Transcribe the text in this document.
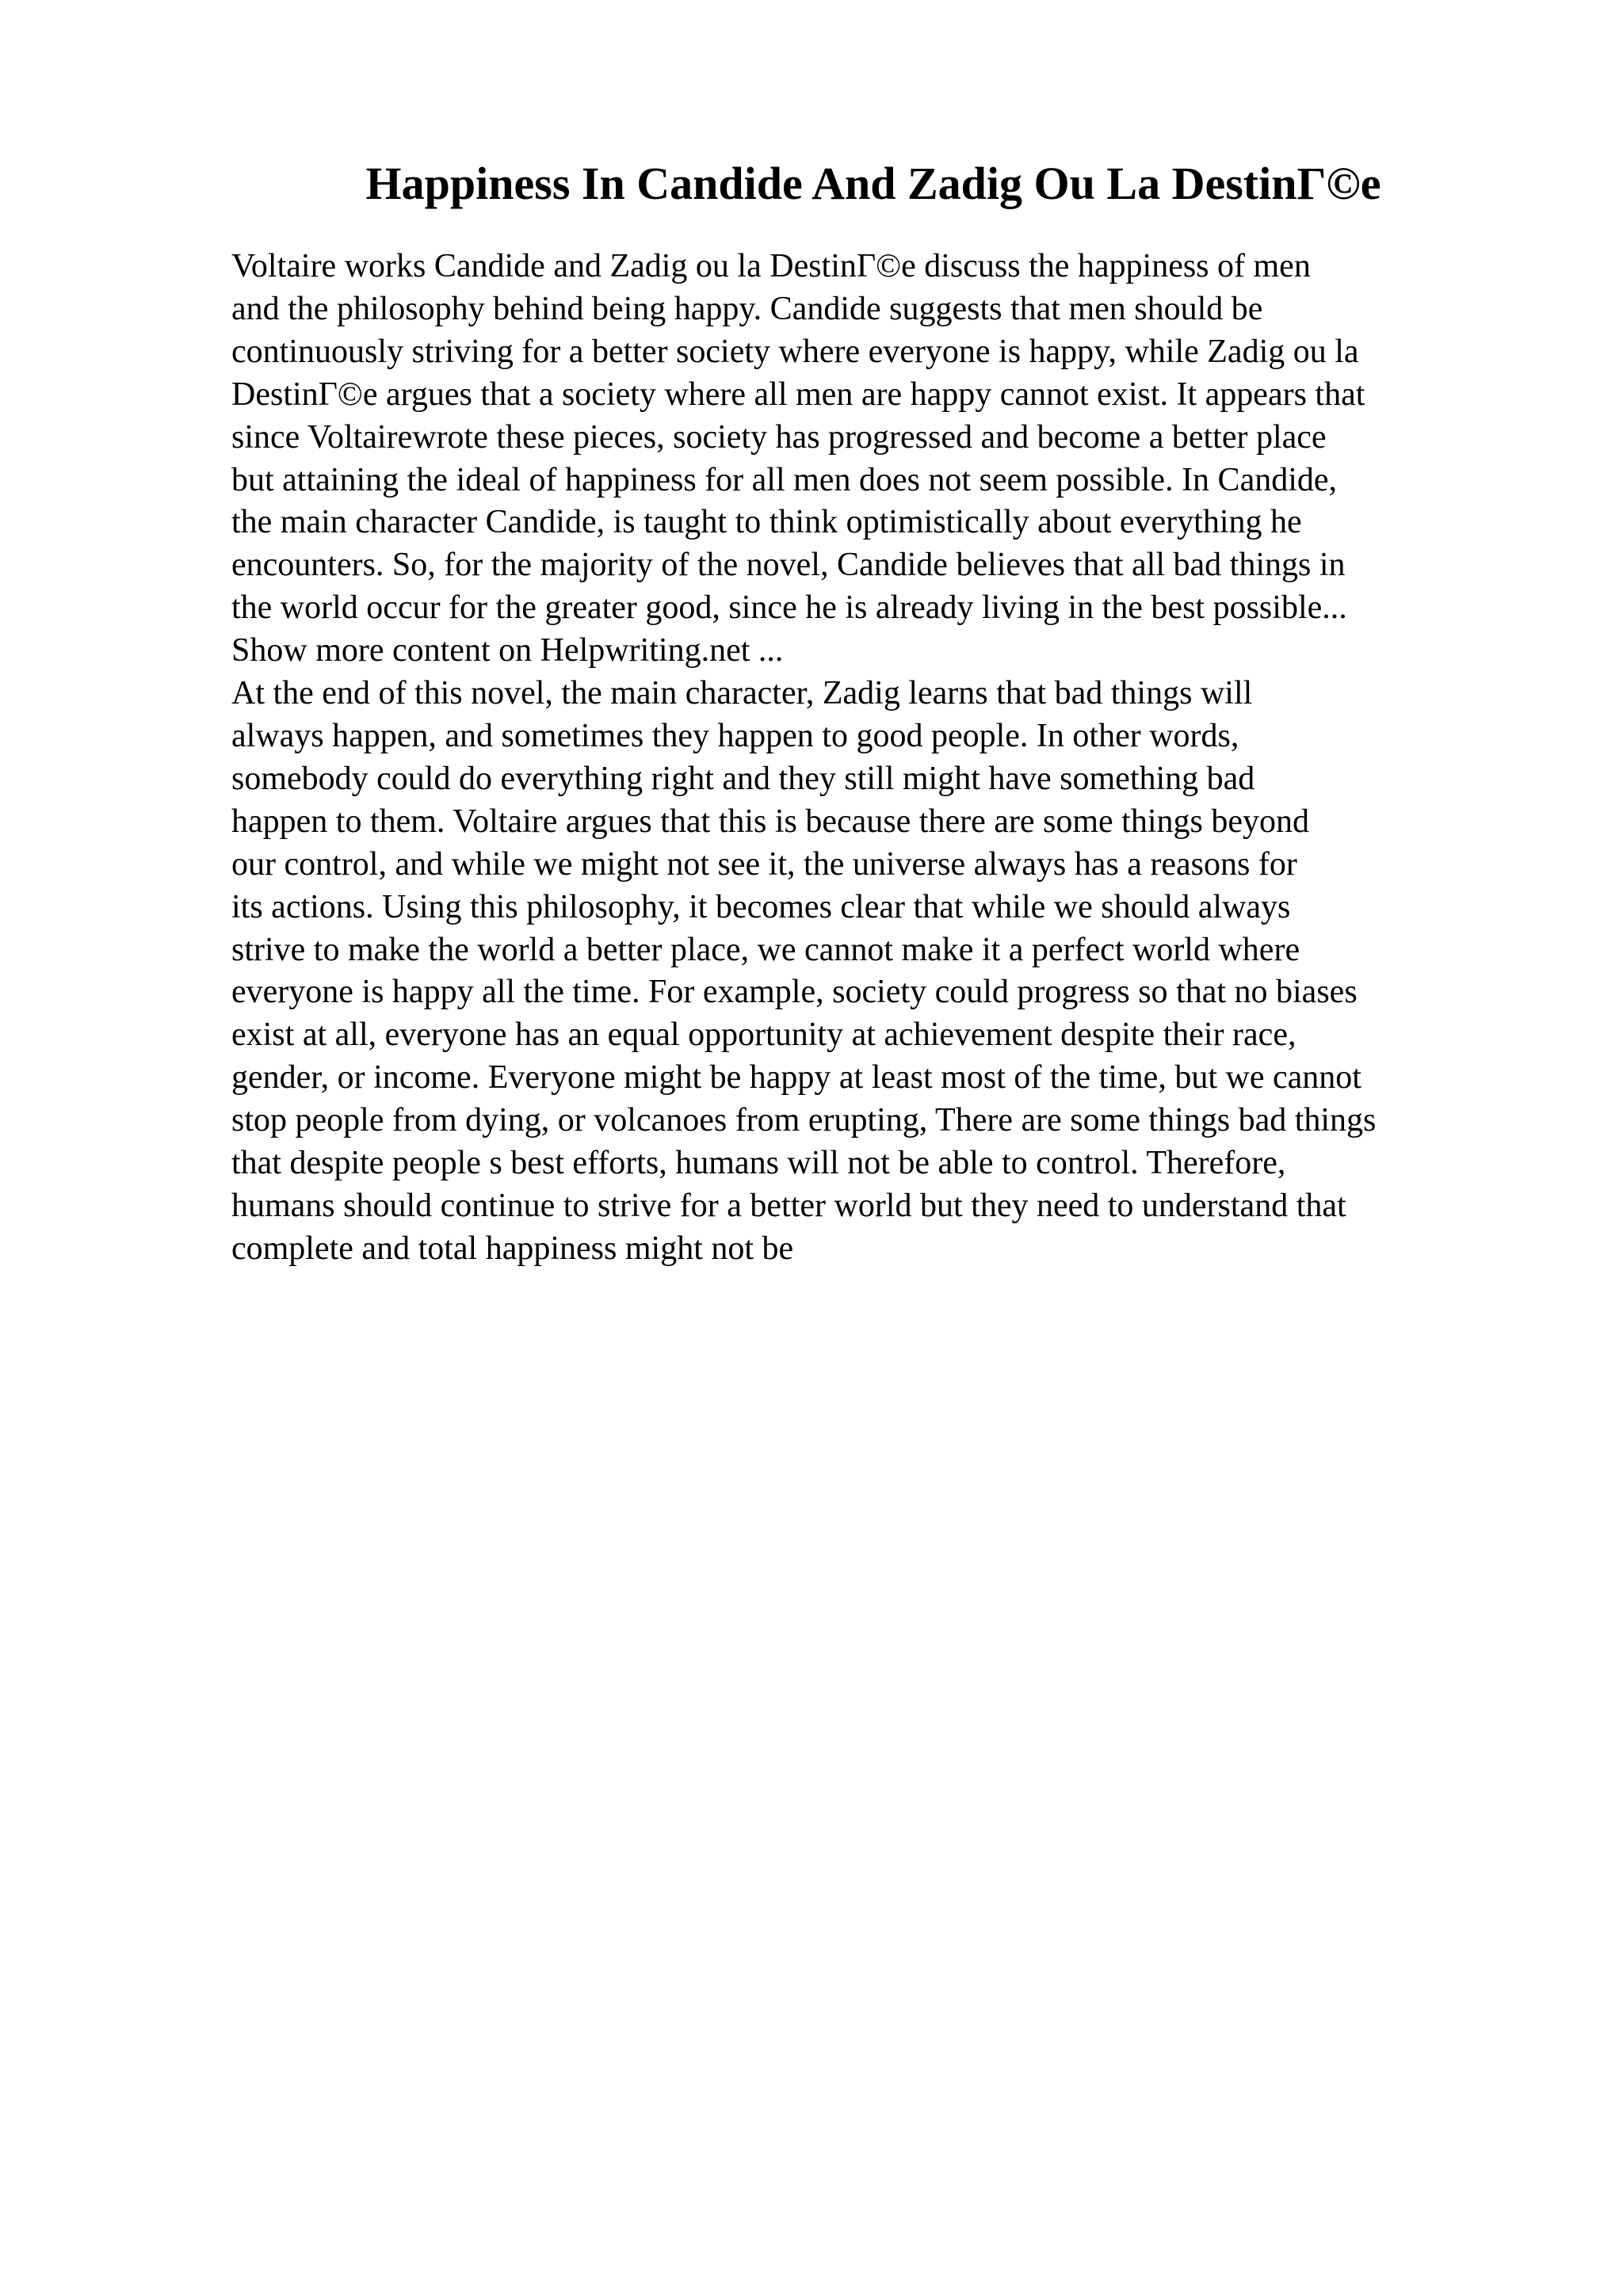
Happiness In Candide And Zadig Ou La DestinГ©e
Voltaire works Candide and Zadig ou la DestinГ©e discuss the happiness of men
and the philosophy behind being happy. Candide suggests that men should be
continuously striving for a better society where everyone is happy, while Zadig ou la
DestinГ©e argues that a society where all men are happy cannot exist. It appears that
since Voltairewrote these pieces, society has progressed and become a better place
but attaining the ideal of happiness for all men does not seem possible. In Candide,
the main character Candide, is taught to think optimistically about everything he
encounters. So, for the majority of the novel, Candide believes that all bad things in
the world occur for the greater good, since he is already living in the best possible...
Show more content on Helpwriting.net ...
At the end of this novel, the main character, Zadig learns that bad things will
always happen, and sometimes they happen to good people. In other words,
somebody could do everything right and they still might have something bad
happen to them. Voltaire argues that this is because there are some things beyond
our control, and while we might not see it, the universe always has a reasons for
its actions. Using this philosophy, it becomes clear that while we should always
strive to make the world a better place, we cannot make it a perfect world where
everyone is happy all the time. For example, society could progress so that no biases
exist at all, everyone has an equal opportunity at achievement despite their race,
gender, or income. Everyone might be happy at least most of the time, but we cannot
stop people from dying, or volcanoes from erupting, There are some things bad things
that despite people s best efforts, humans will not be able to control. Therefore,
humans should continue to strive for a better world but they need to understand that
complete and total happiness might not be
